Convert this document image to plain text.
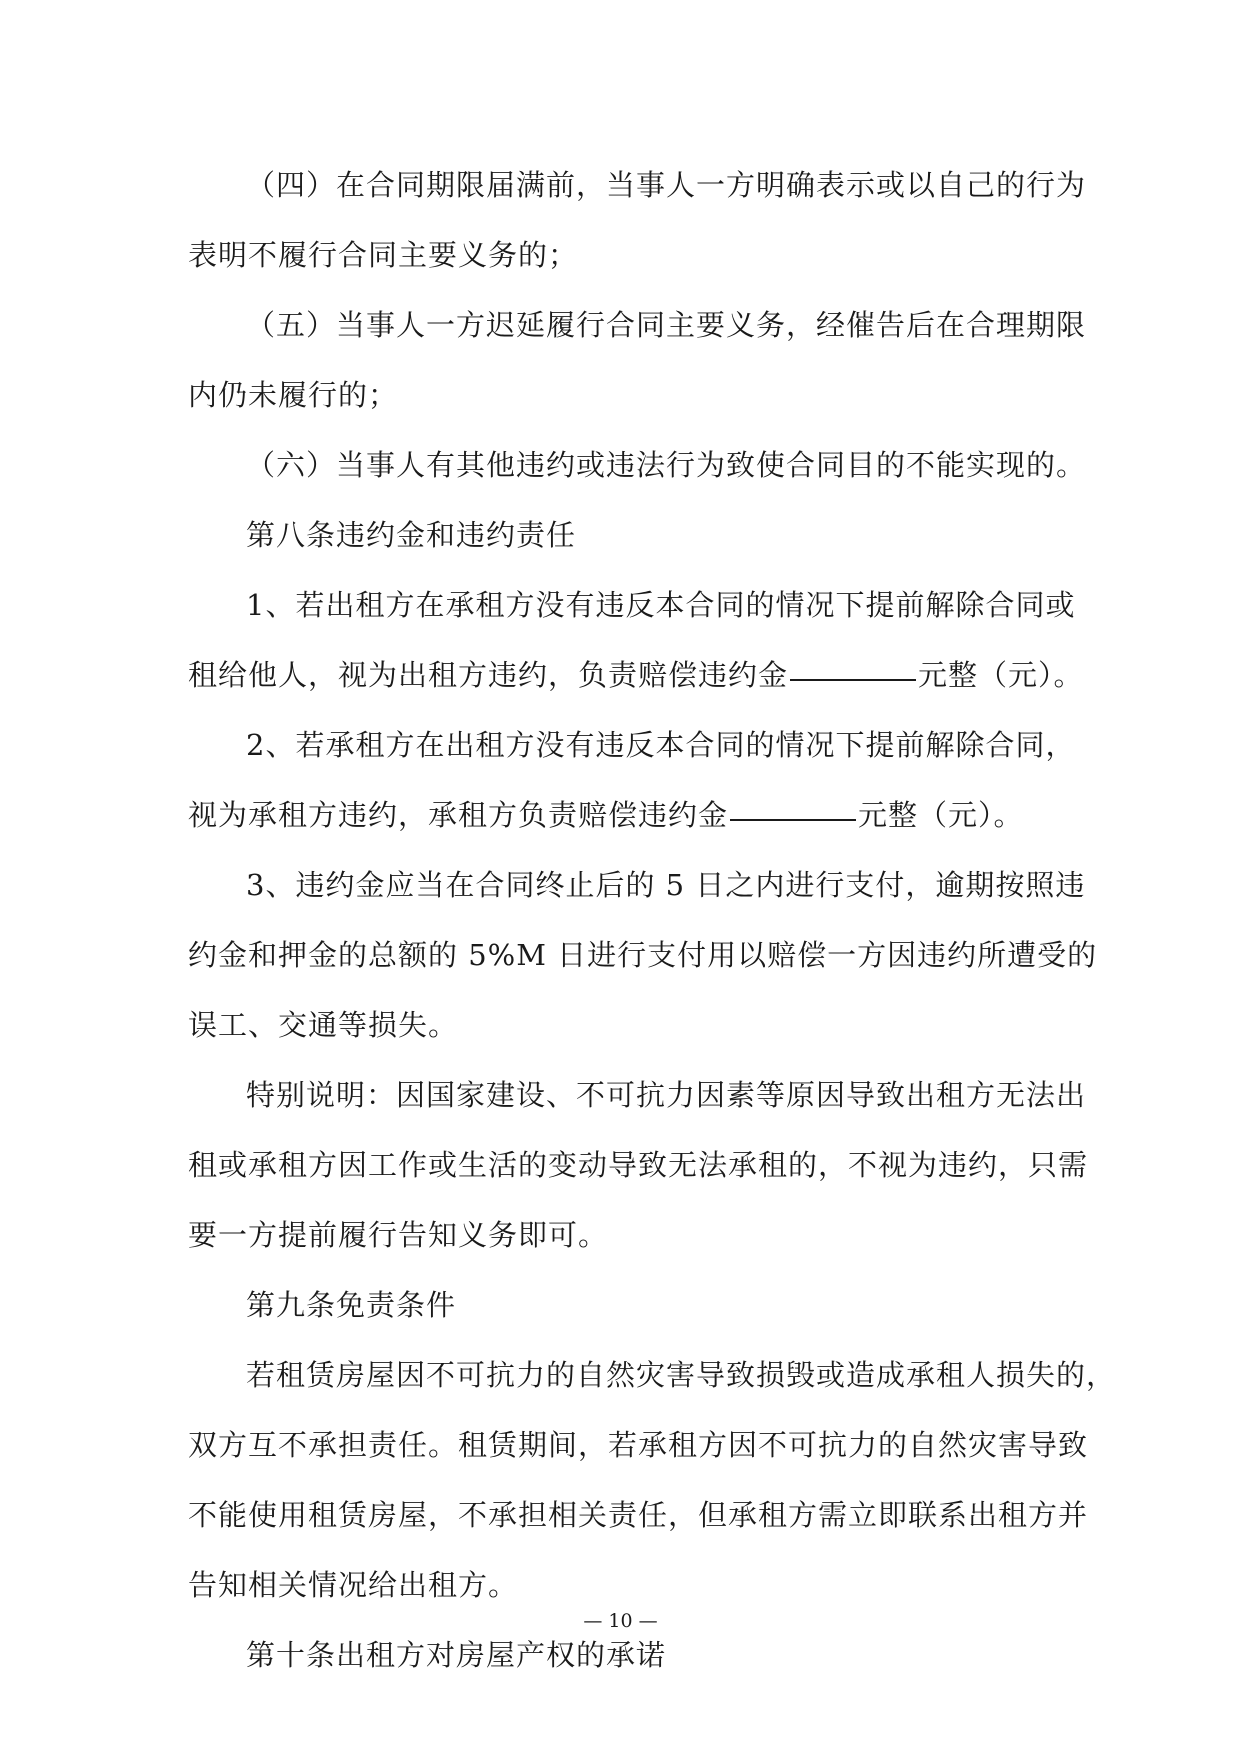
（四）在合同期限届满前，当事人一方明确表示或以自己的行为
表明不履行合同主要义务的；
（五）当事人一方迟延履行合同主要义务，经催告后在合理期限
内仍未履行的；
（六）当事人有其他违约或违法行为致使合同目的不能实现的。
第八条违约金和违约责任
1、若出租方在承租方没有违反本合同的情况下提前解除合同或
租给他人，视为出租方违约，负责赔偿违约金	元整（元）。
2、若承租方在出租方没有违反本合同的情况下提前解除合同，
视为承租方违约，承租方负责赔偿违约金	元整（元）。
3、违约金应当在合同终止后的 5 日之内进行支付，逾期按照违
约金和押金的总额的 5%M 日进行支付用以赔偿一方因违约所遭受的
误工、交通等损失。
特别说明：因国家建设、不可抗力因素等原因导致出租方无法出
租或承租方因工作或生活的变动导致无法承租的，不视为违约，只需
要一方提前履行告知义务即可。
第九条免责条件
若租赁房屋因不可抗力的自然灾害导致损毁或造成承租人损失的，
双方互不承担责任。租赁期间，若承租方因不可抗力的自然灾害导致
不能使用租赁房屋，不承担相关责任，但承租方需立即联系出租方并
告知相关情况给出租方。
第十条出租方对房屋产权的承诺
— 10 —
